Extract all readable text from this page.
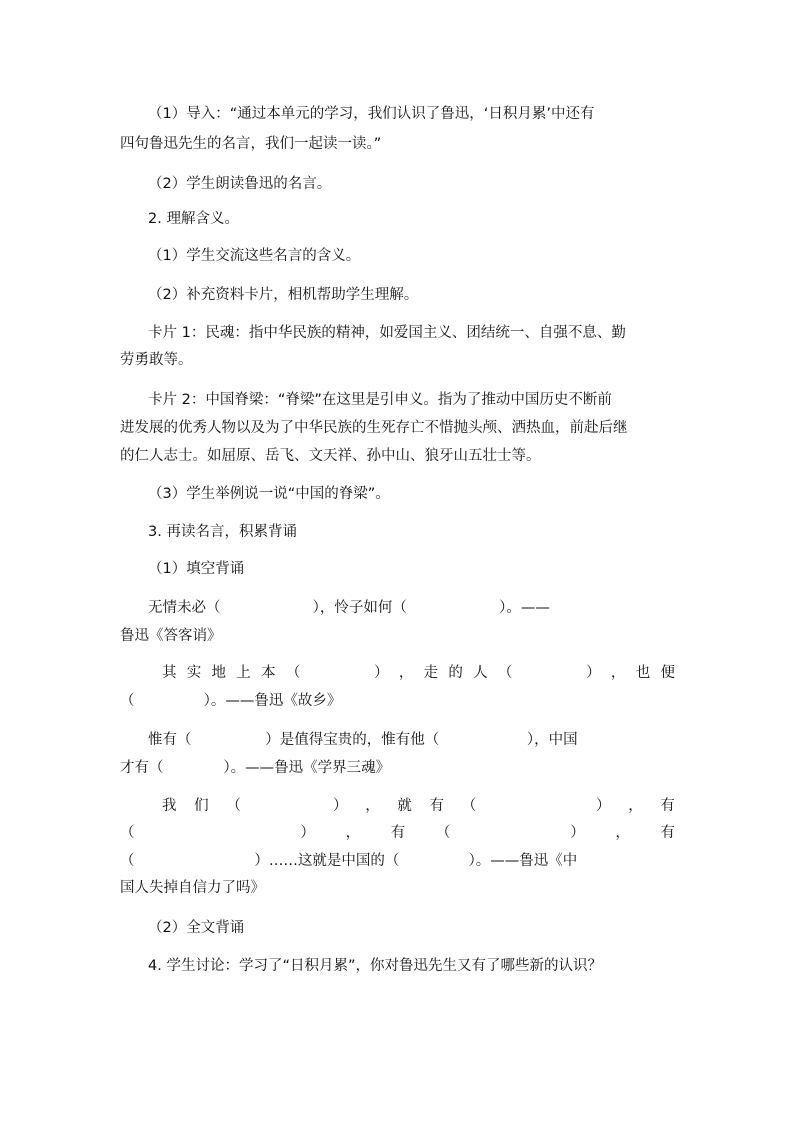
（1）导入：“通过本单元的学习，我们认识了鲁迅，‘日积月累’中还有
四句鲁迅先生的名言，我们一起读一读。”
（2）学生朗读鲁迅的名言。
2. 理解含义。
（1）学生交流这些名言的含义。
（2）补充资料卡片，相机帮助学生理解。
卡片 1：民魂：指中华民族的精神，如爱国主义、团结统一、自强不息、勤
劳勇敢等。
卡片 2：中国脊梁：“脊梁”在这里是引申义。指为了推动中国历史不断前
进发展的优秀人物以及为了中华民族的生死存亡不惜抛头颅、洒热血，前赴后继
的仁人志士。如屈原、岳飞、文天祥、孙中山、狼牙山五壮士等。
（3）学生举例说一说“中国的脊梁”。
3. 再读名言，积累背诵
（1）填空背诵
无情未必（                    ），怜子如何（                    ）。——
鲁迅《答客诮》
其 实 地 上 本 （                ） ， 走 的 人 （                ） ， 也 便
（               ）。——鲁迅《故乡》
惟有（                ）是值得宝贵的，惟有他（                   ），中国
才有（             ）。——鲁迅《学界三魂》
我 们 （                    ） ， 就 有 （                          ） ， 有
（                                    ） ， 有 （                          ） ， 有
（                          ）……这就是中国的（               ）。——鲁迅《中
国人失掉自信力了吗》
（2）全文背诵
4. 学生讨论：学习了“日积月累”，你对鲁迅先生又有了哪些新的认识？
